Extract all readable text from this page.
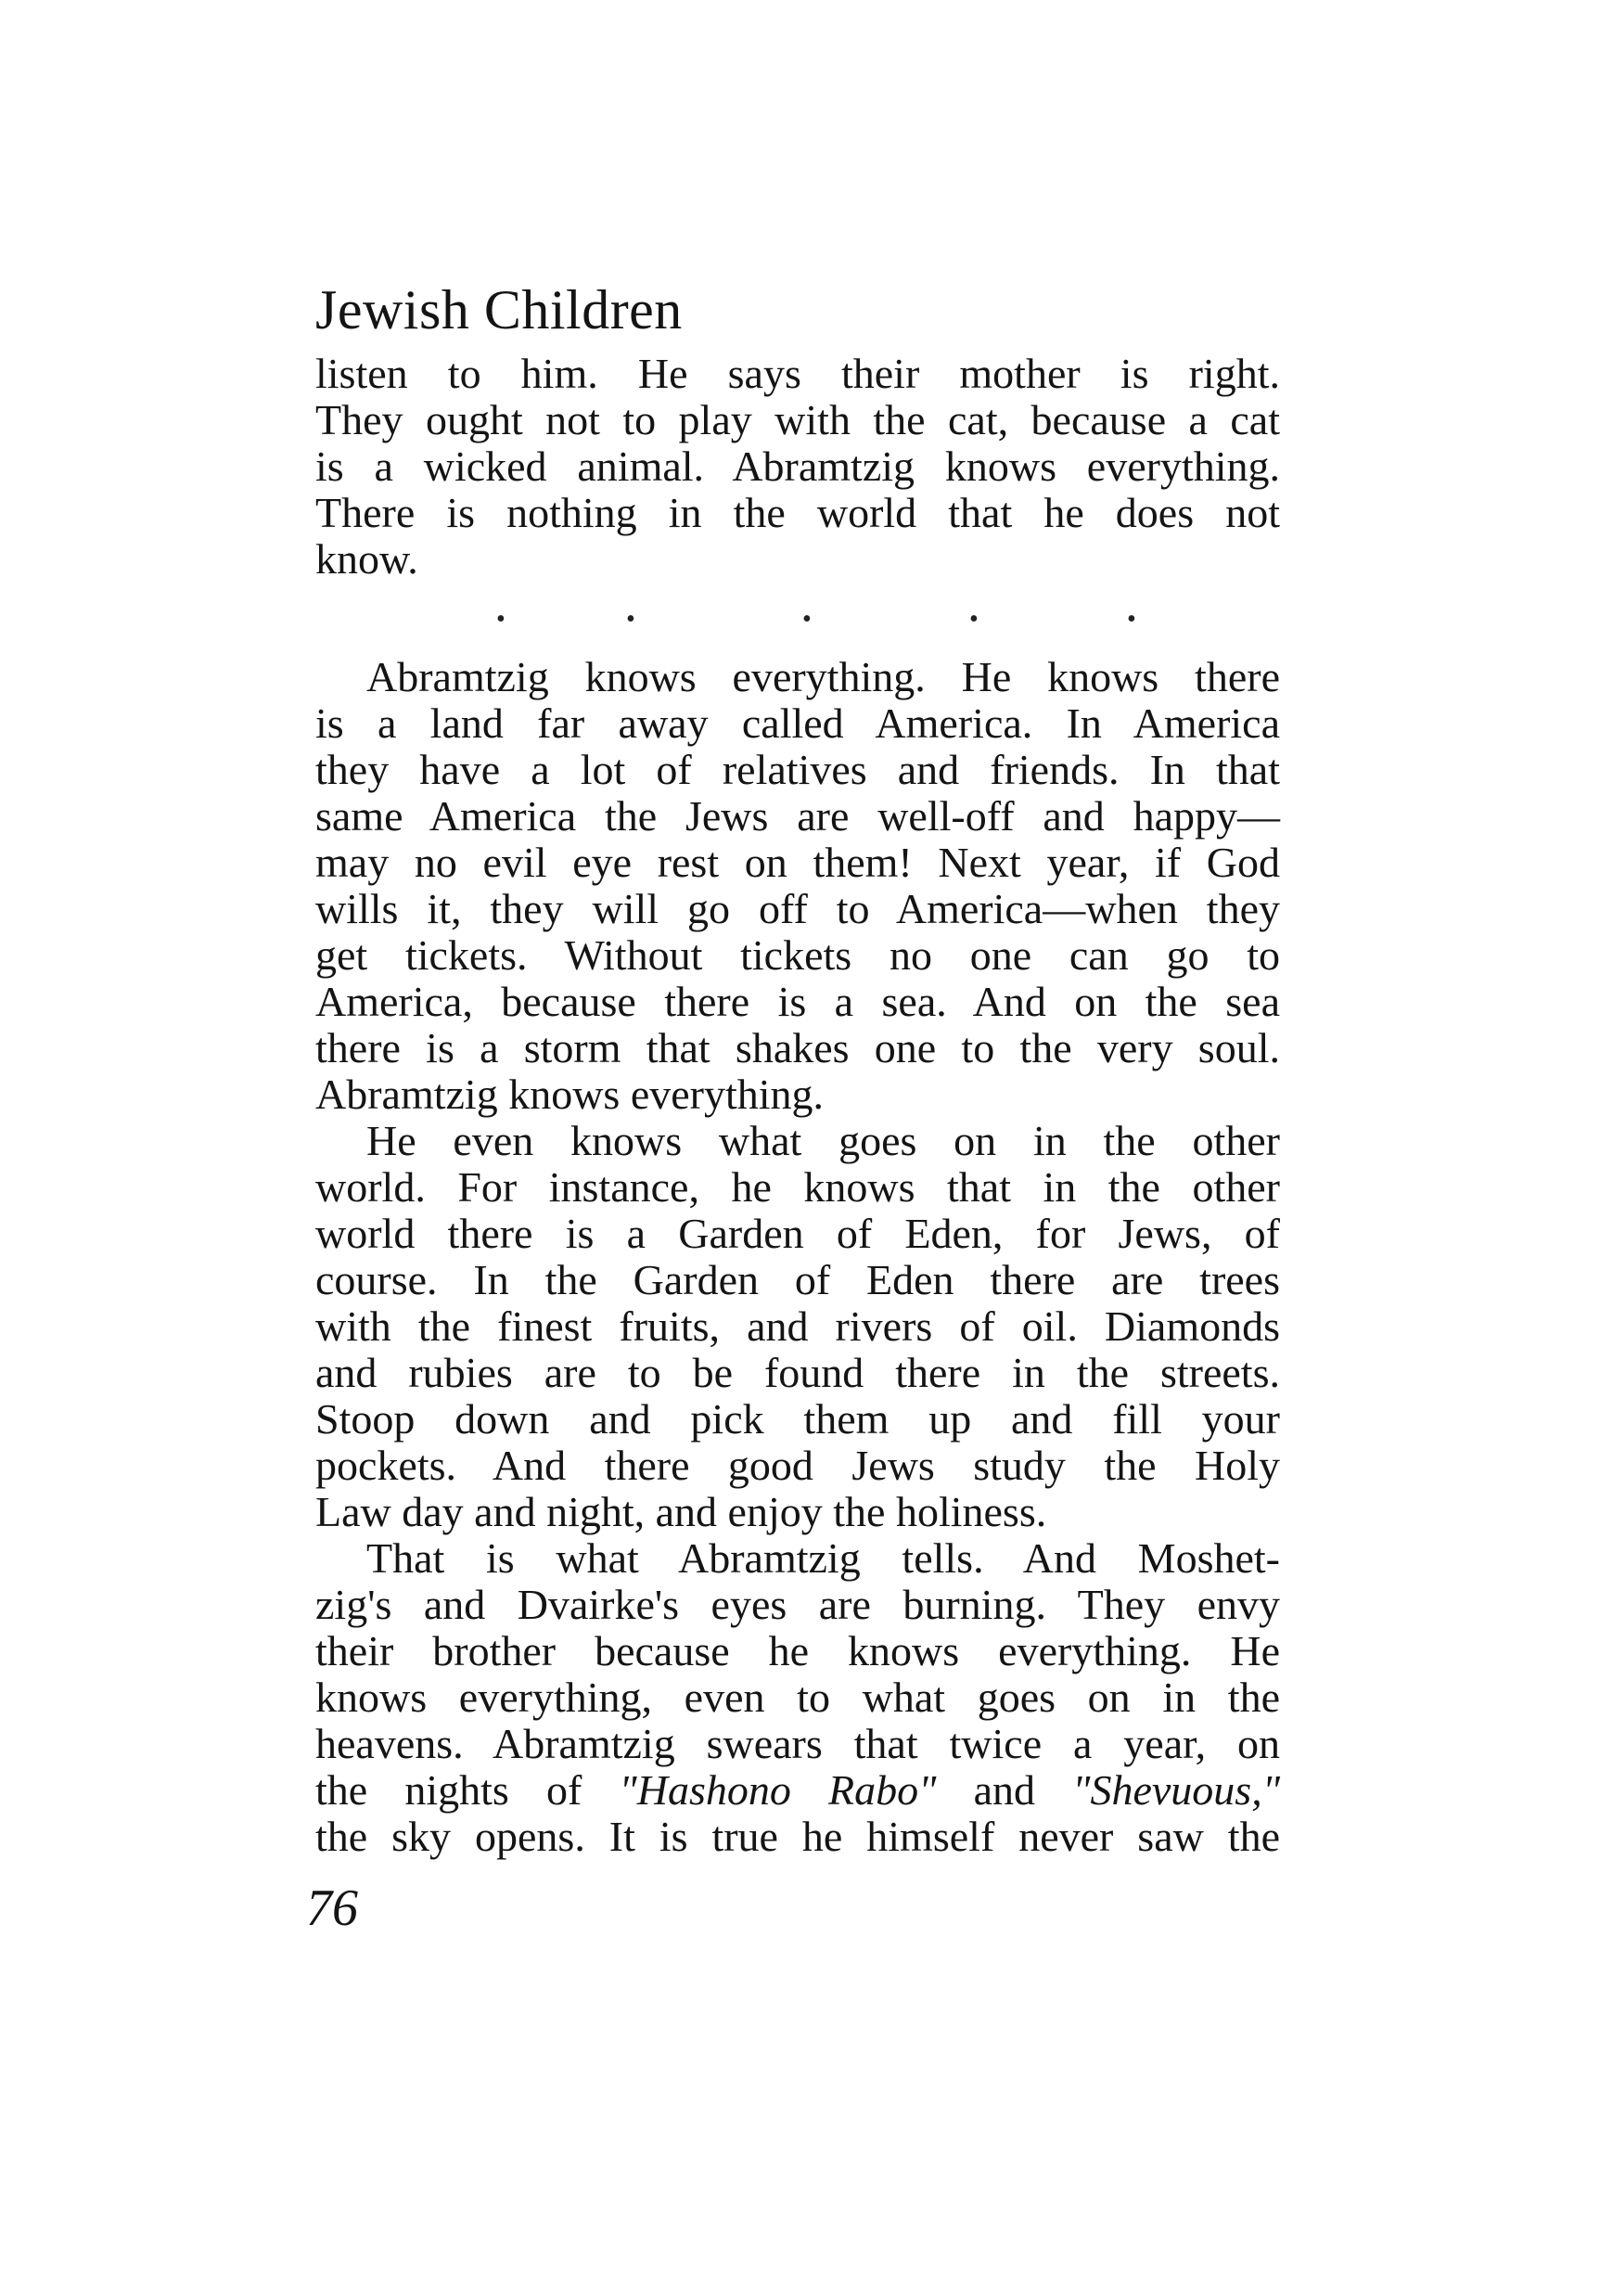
Jewish Children
listen to him. He says their mother is right.
They ought not to play with the cat, because a cat
is a wicked animal. Abramtzig knows everything.
There is nothing in the world that he does not
know.
•	•	•	•	•
Abramtzig knows everything. He knows there
is a land far away called America. In America
they have a lot of relatives and friends. In that
same America the Jews are well-off and happy—
may no evil eye rest on them! Next year, if God
wills it, they will go off to America—when they
get tickets. Without tickets no one can go to
America, because there is a sea. And on the sea
there is a storm that shakes one to the very soul.
Abramtzig knows everything.
He even knows what goes on in the other
world. For instance, he knows that in the other
world there is a Garden of Eden, for Jews, of
course. In the Garden of Eden there are trees
with the finest fruits, and rivers of oil. Diamonds
and rubies are to be found there in the streets.
Stoop down and pick them up and fill your
pockets. And there good Jews study the Holy
Law day and night, and enjoy the holiness.
That is what Abramtzig tells. And Moshet-
zig's and Dvairke's eyes are burning. They envy
their brother because he knows everything. He
knows everything, even to what goes on in the
heavens. Abramtzig swears that twice a year, on
the nights of "Hashono Rabo" and "Shevuous,"
the sky opens. It is true he himself never saw the
76
